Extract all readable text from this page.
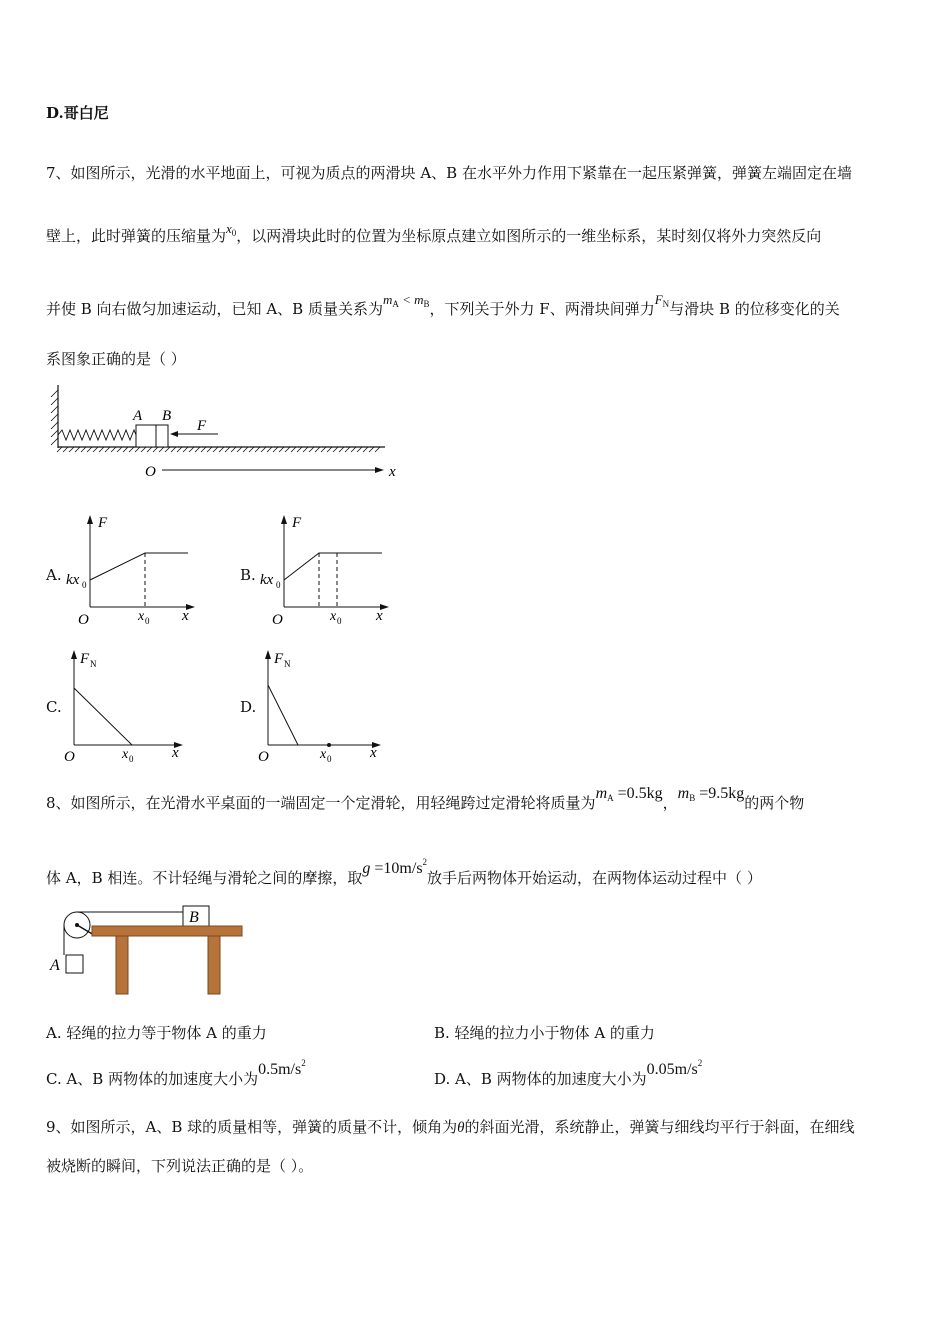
D.哥白尼
7、如图所示，光滑的水平地面上，可视为质点的两滑块 A、B 在水平外力作用下紧靠在一起压紧弹簧，弹簧左端固定在墙
壁上，此时弹簧的压缩量为$x_0$，以两滑块此时的位置为坐标原点建立如图所示的一维坐标系，某时刻仅将外力突然反向
并使 B 向右做匀加速运动，已知 A、B 质量关系为$m_A < m_B$，下列关于外力 F、两滑块间弹力$F_N$与滑块 B 的位移变化的关
系图象正确的是（ ）
A B
F
O	x
A.
F
x
O
kx 0
x 0
B.
F
x
O
kx 0
x 0
C.
F N
x
O	x 0
D.
F N
x
O	x 0
8、如图所示，在光滑水平桌面的一端固定一个定滑轮，用轻绳跨过定滑轮将质量为$m_A =0.5kg$，$m_B =9.5kg$的两个物
体 A，B 相连。不计轻绳与滑轮之间的摩擦，取$g =10m/s^2$放手后两物体开始运动，在两物体运动过程中（ ）
A
B
A. 轻绳的拉力等于物体 A 的重力	B. 轻绳的拉力小于物体 A 的重力
C. A、B 两物体的加速度大小为$0.5m/s^2$
D. A、B 两物体的加速度大小为$0.05m/s^2$
9、如图所示，A、B 球的质量相等，弹簧的质量不计，倾角为θ的斜面光滑，系统静止，弹簧与细线均平行于斜面，在细线
被烧断的瞬间，下列说法正确的是（ ）。
